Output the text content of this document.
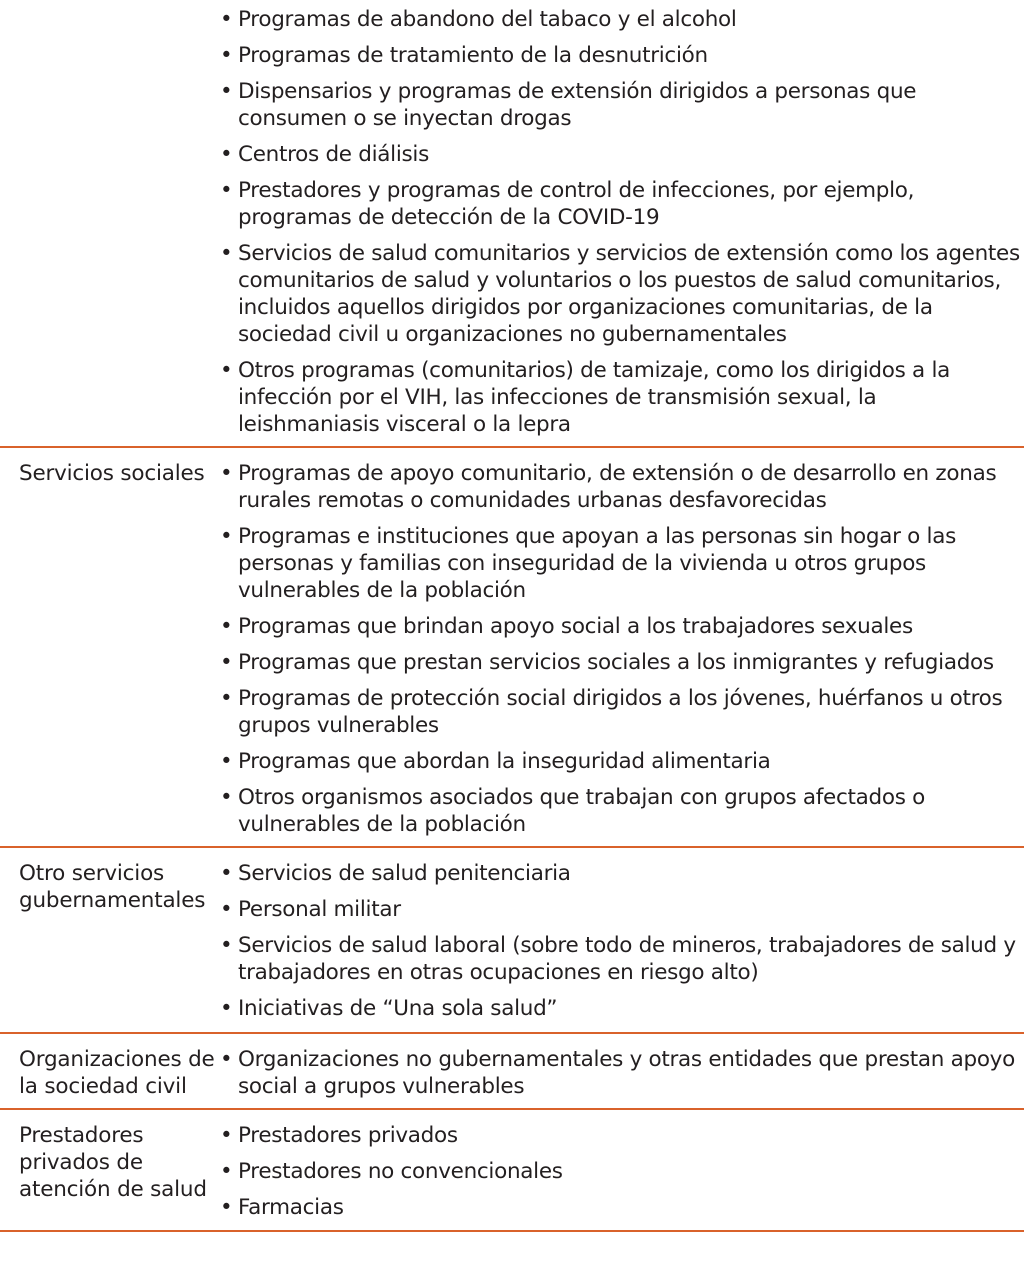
• Programas de abandono del tabaco y el alcohol
• Programas de tratamiento de la desnutrición
• Dispensarios y programas de extensión dirigidos a personas que consumen o se inyectan drogas
• Centros de diálisis
• Prestadores y programas de control de infecciones, por ejemplo, programas de detección de la COVID-19
• Servicios de salud comunitarios y servicios de extensión como los agentes comunitarios de salud y voluntarios o los puestos de salud comunitarios, incluidos aquellos dirigidos por organizaciones comunitarias, de la sociedad civil u organizaciones no gubernamentales
• Otros programas (comunitarios) de tamizaje, como los dirigidos a la infección por el VIH, las infecciones de transmisión sexual, la leishmaniasis visceral o la lepra
Servicios sociales • Programas de apoyo comunitario, de extensión o de desarrollo en zonas rurales remotas o comunidades urbanas desfavorecidas
• Programas e instituciones que apoyan a las personas sin hogar o las personas y familias con inseguridad de la vivienda u otros grupos vulnerables de la población
• Programas que brindan apoyo social a los trabajadores sexuales
• Programas que prestan servicios sociales a los inmigrantes y refugiados
• Programas de protección social dirigidos a los jóvenes, huérfanos u otros grupos vulnerables
• Programas que abordan la inseguridad alimentaria
• Otros organismos asociados que trabajan con grupos afectados o vulnerables de la población
Otro servicios gubernamentales
• Servicios de salud penitenciaria
• Personal militar
• Servicios de salud laboral (sobre todo de mineros, trabajadores de salud y trabajadores en otras ocupaciones en riesgo alto)
• Iniciativas de “Una sola salud”
Organizaciones de la sociedad civil
• Organizaciones no gubernamentales y otras entidades que prestan apoyo social a grupos vulnerables
Prestadores privados de atención de salud
• Prestadores privados
• Prestadores no convencionales
• Farmacias
